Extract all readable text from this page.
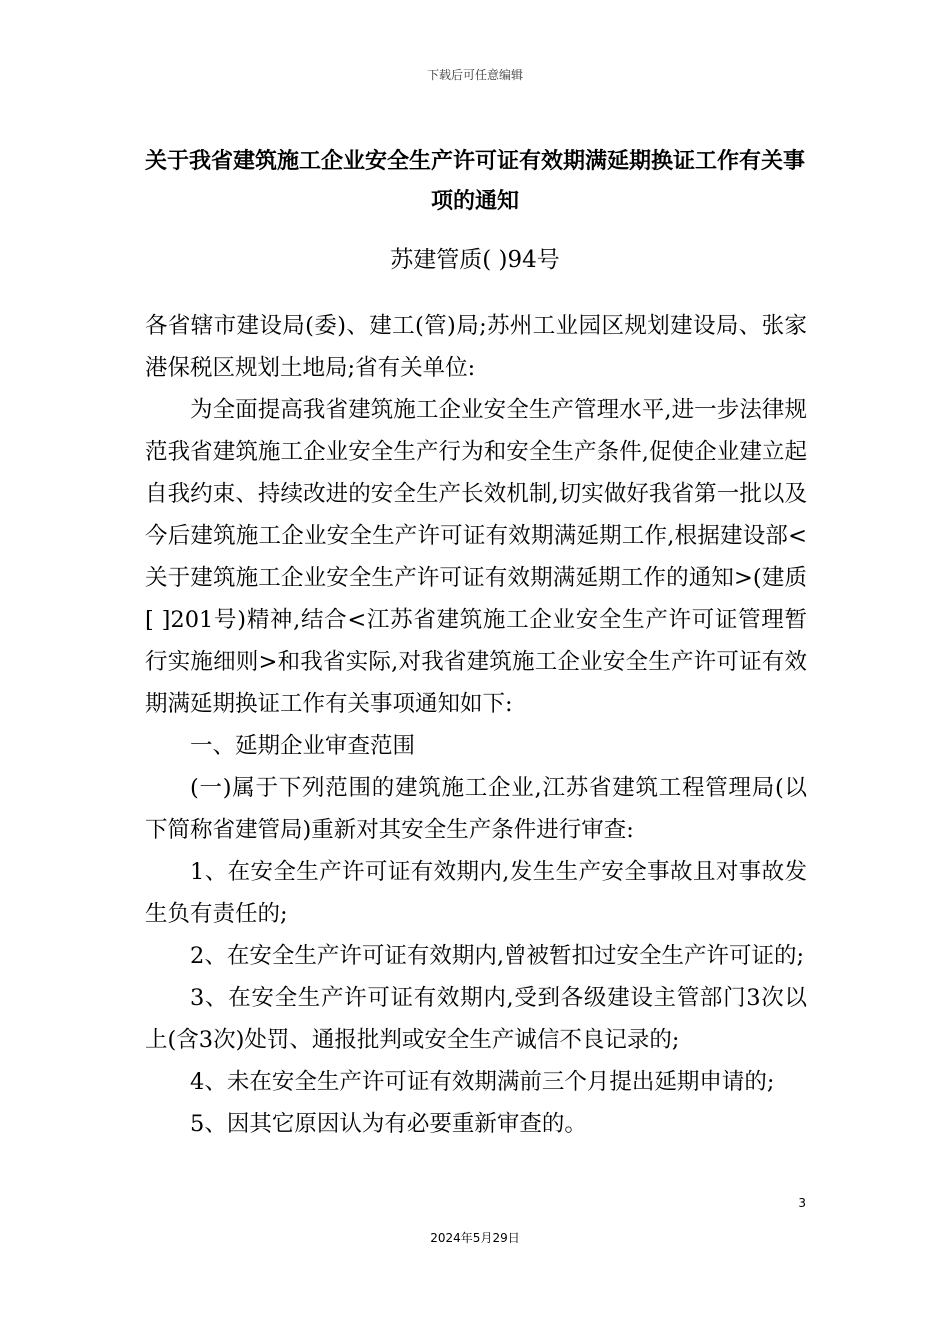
下载后可任意编辑
关于我省建筑施工企业安全生产许可证有效期满延期换证工作有关事项的通知
苏建管质( )94号

各省辖市建设局(委)、建工(管)局;苏州工业园区规划建设局、张家港保税区规划土地局;省有关单位:

为全面提高我省建筑施工企业安全生产管理水平,进一步法律规范我省建筑施工企业安全生产行为和安全生产条件,促使企业建立起自我约束、持续改进的安全生产长效机制,切实做好我省第一批以及今后建筑施工企业安全生产许可证有效期满延期工作,根据建设部<关于建筑施工企业安全生产许可证有效期满延期工作的通知>(建质[ ]201号)精神,结合<江苏省建筑施工企业安全生产许可证管理暂行实施细则>和我省实际,对我省建筑施工企业安全生产许可证有效期满延期换证工作有关事项通知如下:

一、延期企业审查范围

(一)属于下列范围的建筑施工企业,江苏省建筑工程管理局(以下简称省建管局)重新对其安全生产条件进行审查:

1、在安全生产许可证有效期内,发生生产安全事故且对事故发生负有责任的;

2、在安全生产许可证有效期内,曾被暂扣过安全生产许可证的;

3、在安全生产许可证有效期内,受到各级建设主管部门3次以上(含3次)处罚、通报批判或安全生产诚信不良记录的;

4、未在安全生产许可证有效期满前三个月提出延期申请的;

5、因其它原因认为有必要重新审查的。

3
2024年5月29日
